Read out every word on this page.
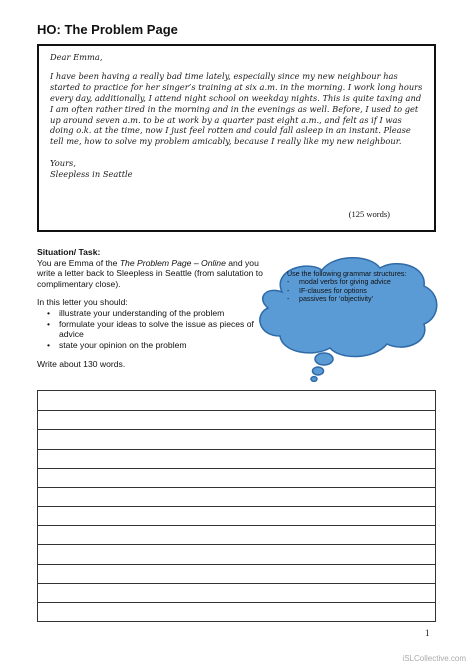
HO: The Problem Page

Dear Emma,

I have been having a really bad time lately, especially since my new neighbour has started to practice for her singer’s training at six a.m. in the morning. I work long hours every day, additionally, I attend night school on weekday nights. This is quite taxing and I am often rather tired in the morning and in the evenings as well. Before, I used to get up around seven a.m. to be at work by a quarter past eight a.m., and felt as if I was doing o.k. at the time, now I just feel rotten and could fall asleep in an instant. Please tell me, how to solve my problem amicably, because I really like my new neighbour.

Yours,

Sleepless in Seattle

(125 words)

Situation/ Task:

You are Emma of the The Problem Page – Online and you write a letter back to Sleepless in Seattle (from salutation to complimentary close).

In this letter you should:

• illustrate your understanding of the problem
• formulate your ideas to solve the issue as pieces of advice
• state your opinion on the problem

Write about 130 words.

Use the following grammar structures:

- modal verbs for giving advice
- IF-clauses for options
- passives for ‘objectivity’
1
iSLCollective.com
